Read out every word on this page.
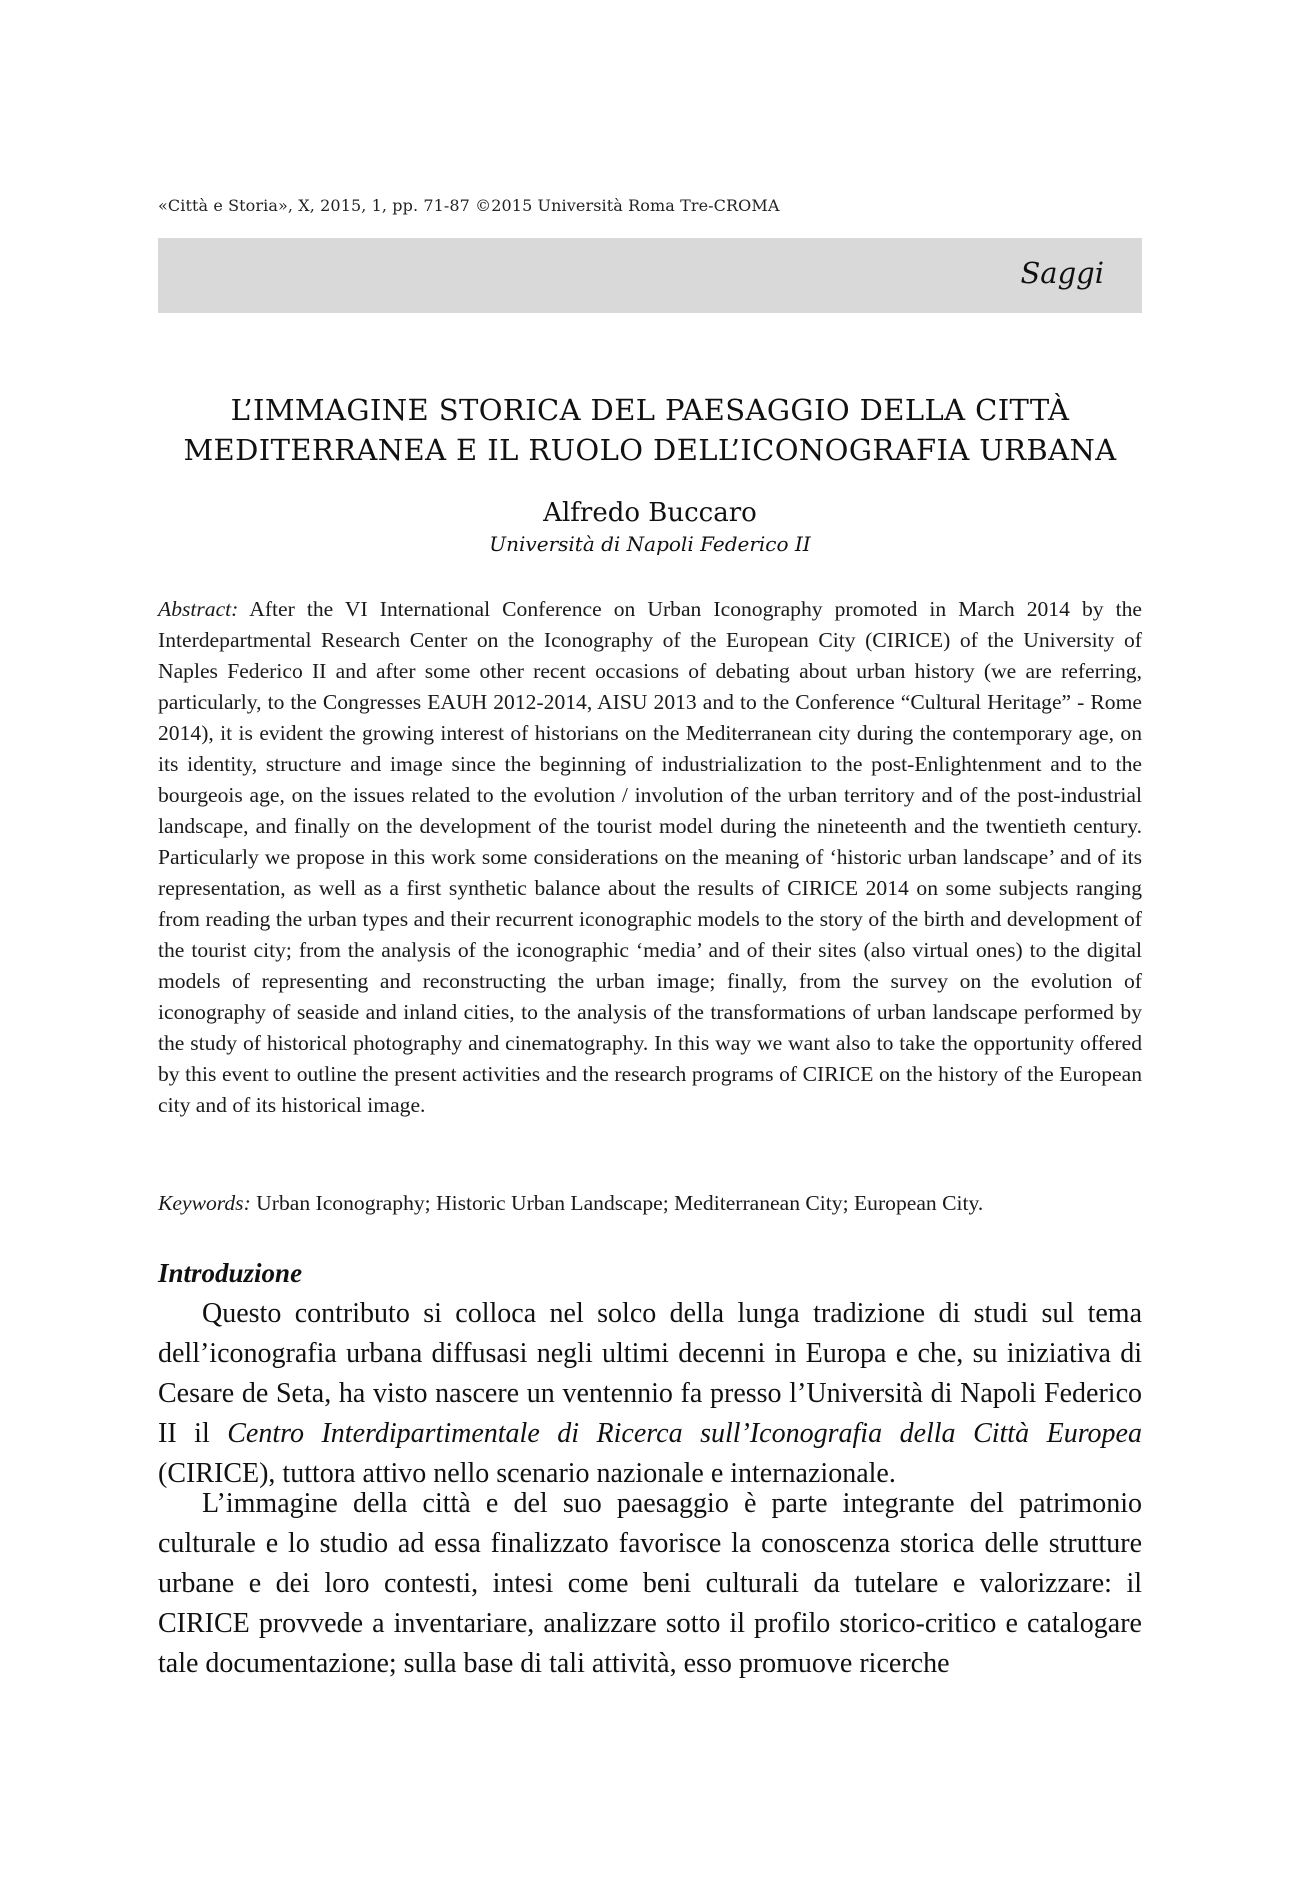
«Città e Storia», X, 2015, 1, pp. 71-87 ©2015 Università Roma Tre-CROMA
Saggi
L’IMMAGINE STORICA DEL PAESAGGIO DELLA CITTÀ
MEDITERRANEA E IL RUOLO DELL’ICONOGRAFIA URBANA
Alfredo Buccaro
Università di Napoli Federico II

Abstract: After the VI International Conference on Urban Iconography promoted in March 2014 by the Interdepartmental Research Center on the Iconography of the European City (CIRICE) of the University of Naples Federico II and after some other recent occasions of debating about urban history (we are referring, particularly, to the Congresses EAUH 2012-2014, AISU 2013 and to the Conference “Cultural Heritage” - Rome 2014), it is evident the growing interest of historians on the Mediterranean city during the contemporary age, on its identity, structure and image since the beginning of industrialization to the post-Enlightenment and to the bourgeois age, on the issues related to the evolution / involution of the urban territory and of the post-industrial landscape, and finally on the development of the tourist model during the nineteenth and the twentieth century. Particularly we propose in this work some considerations on the meaning of ‘historic urban landscape’ and of its representation, as well as a first synthetic balance about the results of CIRICE 2014 on some subjects ranging from reading the urban types and their recurrent iconographic models to the story of the birth and development of the tourist city; from the analysis of the iconographic ‘media’ and of their sites (also virtual ones) to the digital models of representing and reconstructing the urban image; finally, from the survey on the evolution of iconography of seaside and inland cities, to the analysis of the transformations of urban landscape performed by the study of historical photography and cinematography. In this way we want also to take the opportunity offered by this event to outline the present activities and the research programs of CIRICE on the history of the European city and of its historical image.

Keywords: Urban Iconography; Historic Urban Landscape; Mediterranean City; European City.

Introduzione

Questo contributo si colloca nel solco della lunga tradizione di studi sul tema dell’iconografia urbana diffusasi negli ultimi decenni in Europa e che, su iniziativa di Cesare de Seta, ha visto nascere un ventennio fa presso l’Università di Napoli Federico II il Centro Interdipartimentale di Ricerca sull’Iconografia della Città Europea (CIRICE), tuttora attivo nello scenario nazionale e internazionale.

L’immagine della città e del suo paesaggio è parte integrante del patrimonio culturale e lo studio ad essa finalizzato favorisce la conoscenza storica delle strutture urbane e dei loro contesti, intesi come beni culturali da tutelare e valorizzare: il CIRICE provvede a inventariare, analizzare sotto il profilo storico-critico e catalogare tale documentazione; sulla base di tali attività, esso promuove ricerche
